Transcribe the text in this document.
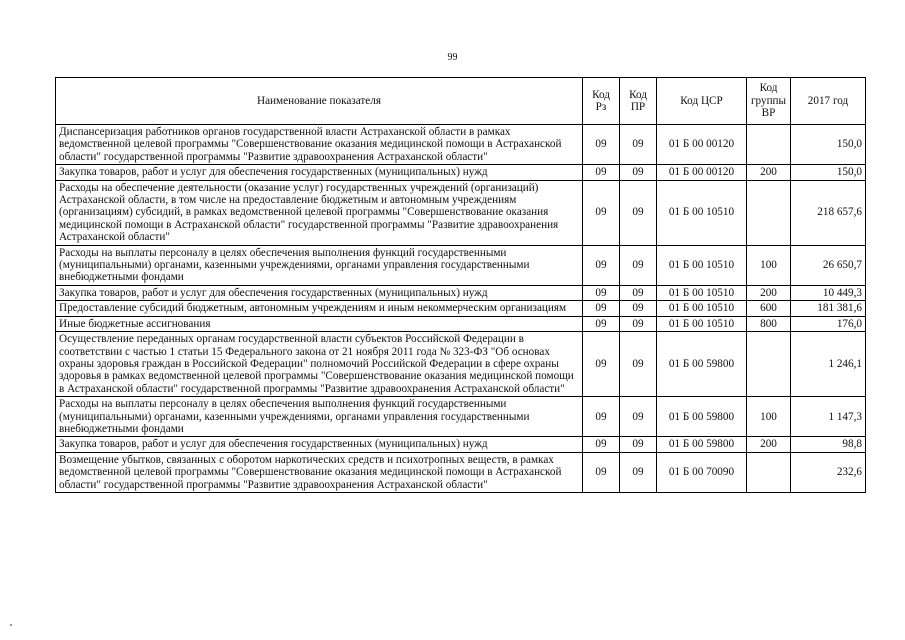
99
Наименование показателя	Код Рз	Код ПР	Код ЦСР	Код группы ВР	2017 год
Диспансеризация работников органов государственной власти Астраханской области в рамках ведомственной целевой программы "Совершенствование оказания медицинской помощи в Астраханской области" государственной программы "Развитие здравоохранения Астраханской области"	09	09	01 Б 00 00120		150,0
Закупка товаров, работ и услуг для обеспечения государственных (муниципальных) нужд	09	09	01 Б 00 00120	200	150,0
Расходы на обеспечение деятельности (оказание услуг) государственных учреждений (организаций) Астраханской области, в том числе на предоставление бюджетным и автономным учреждениям (организациям) субсидий, в рамках ведомственной целевой программы "Совершенствование оказания медицинской помощи в Астраханской области" государственной программы "Развитие здравоохранения Астраханской области"	09	09	01 Б 00 10510		218 657,6
Расходы на выплаты персоналу в целях обеспечения выполнения функций государственными (муниципальными) органами, казенными учреждениями, органами управления государственными внебюджетными фондами	09	09	01 Б 00 10510	100	26 650,7
Закупка товаров, работ и услуг для обеспечения государственных (муниципальных) нужд	09	09	01 Б 00 10510	200	10 449,3
Предоставление субсидий бюджетным, автономным учреждениям и иным некоммерческим организациям	09	09	01 Б 00 10510	600	181 381,6
Иные бюджетные ассигнования	09	09	01 Б 00 10510	800	176,0
Осуществление переданных органам государственной власти субъектов Российской Федерации в соответствии с частью 1 статьи 15 Федерального закона от 21 ноября 2011 года № 323-ФЗ "Об основах охраны здоровья граждан в Российской Федерации" полномочий Российской Федерации в сфере охраны здоровья в рамках ведомственной целевой программы "Совершенствование оказания медицинской помощи в Астраханской области" государственной программы "Развитие здравоохранения Астраханской области"	09	09	01 Б 00 59800		1 246,1
Расходы на выплаты персоналу в целях обеспечения выполнения функций государственными (муниципальными) органами, казенными учреждениями, органами управления государственными внебюджетными фондами	09	09	01 Б 00 59800	100	1 147,3
Закупка товаров, работ и услуг для обеспечения государственных (муниципальных) нужд	09	09	01 Б 00 59800	200	98,8
Возмещение убытков, связанных с оборотом наркотических средств и психотропных веществ, в рамках ведомственной целевой программы "Совершенствование оказания медицинской помощи в Астраханской области" государственной программы "Развитие здравоохранения Астраханской области"	09	09	01 Б 00 70090		232,6
